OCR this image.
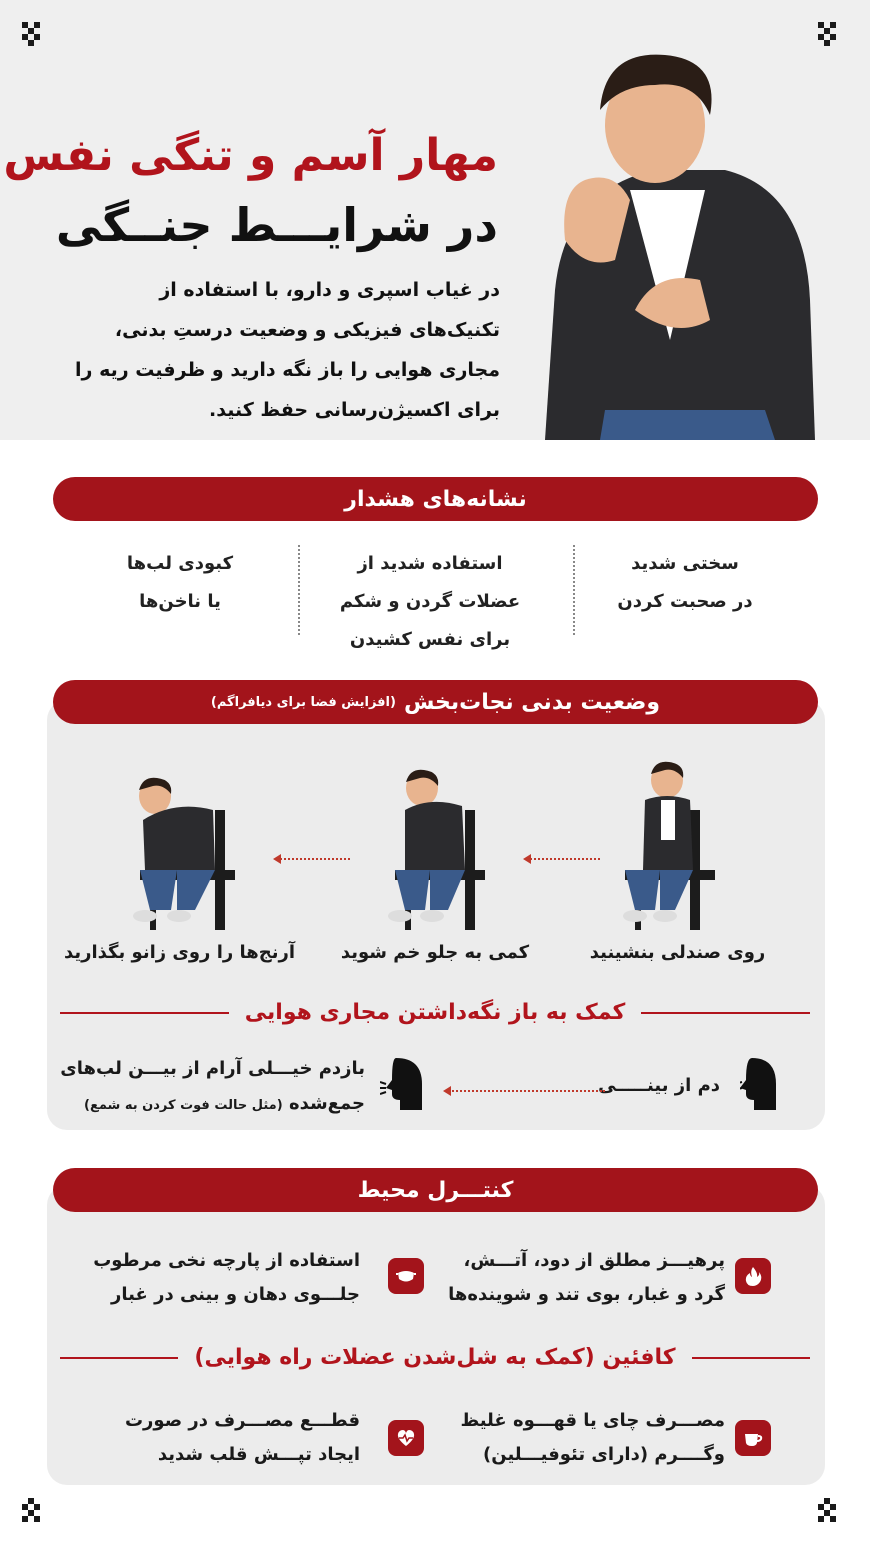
مهار آسم و تنگی نفس
در شرایـــط جنــگی
در غیاب اسپری و دارو، با استفاده از تکنیک‌های فیزیکی و وضعیت درستِ بدنی، مجاری هوایی را باز نگه دارید و ظرفیت ریه را برای اکسیژن‌رسانی حفظ کنید.
نشانه‌های هشدار
سختی شدید
در صحبت کردن
استفاده شدید از
عضلات گردن و شکم
برای نفس کشیدن
کبودی لب‌ها
یا ناخن‌ها
وضعیت بدنی نجات‌بخش
(افزایش فضا برای دیافراگم)
روی صندلی بنشینید
کمی به جلو خم شوید
آرنج‌ها را روی زانو بگذارید
کمک به باز نگه‌داشتن مجاری هوایی
دم از بینـــــی
بازدم خیـــلی آرام از بیـــن لب‌های
جمع‌شده (مثل حالت فوت کردن به شمع)
کنتـــرل محیط
پرهیـــز مطلق از دود، آتـــش،
گرد و غبار، بوی تند و شوینده‌ها
استفاده از پارچه نخی مرطوب
جلـــوی دهان و بینی در غبار
کافئین (کمک به شل‌شدن عضلات راه هوایی)
مصـــرف چای یا قهـــوه غلیظ
وگــــرم (دارای تئوفیـــلین)
قطـــع مصـــرف در صورت
ایجاد تپـــش قلب شدید
